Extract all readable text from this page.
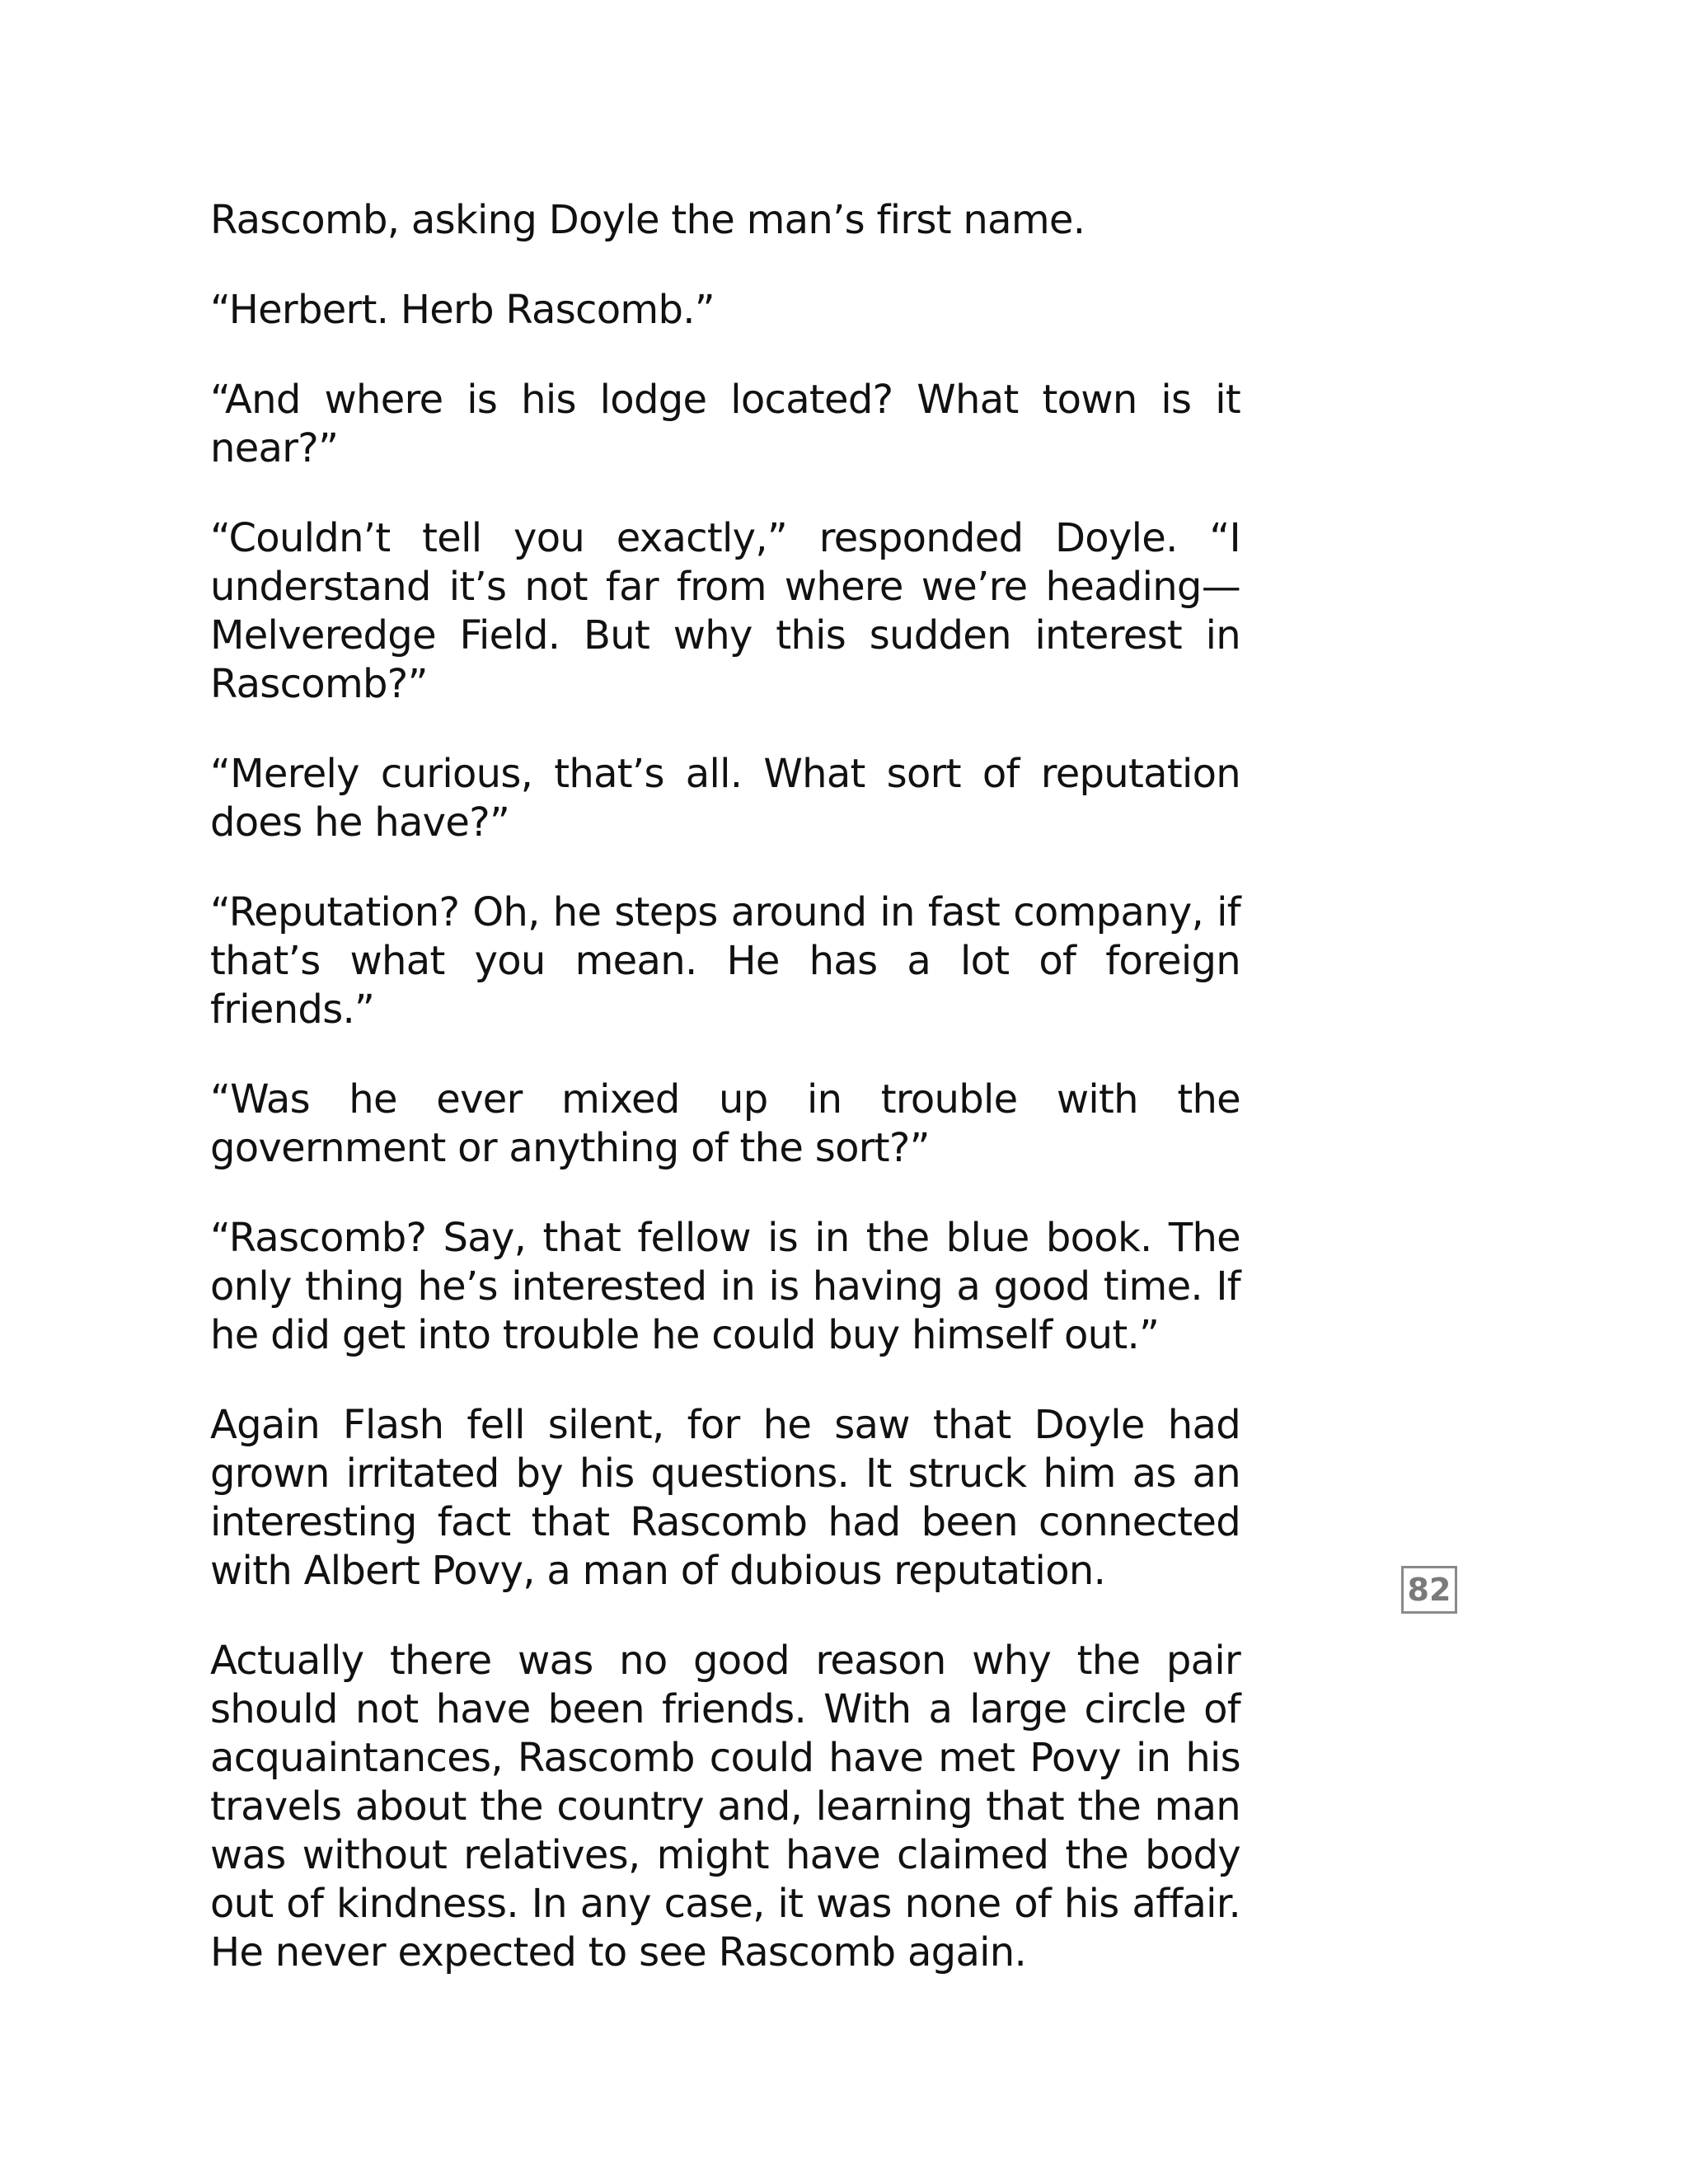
Rascomb, asking Doyle the man’s first name.

“Herbert. Herb Rascomb.”

“And where is his lodge located? What town is it near?”

“Couldn’t tell you exactly,” responded Doyle. “I understand it’s not far from where we’re heading—Melveredge Field. But why this sudden interest in Rascomb?”

“Merely curious, that’s all. What sort of reputation does he have?”

“Reputation? Oh, he steps around in fast company, if that’s what you mean. He has a lot of foreign friends.”

“Was he ever mixed up in trouble with the government or anything of the sort?”

“Rascomb? Say, that fellow is in the blue book. The only thing he’s interested in is having a good time. If he did get into trouble he could buy himself out.”

Again Flash fell silent, for he saw that Doyle had grown irritated by his questions. It struck him as an interesting fact that Rascomb had been connected with Albert Povy, a man of dubious reputation.

Actually there was no good reason why the pair should not have been friends. With a large circle of acquaintances, Rascomb could have met Povy in his travels about the country and, learning that the man was without relatives, might have claimed the body out of kindness. In any case, it was none of his affair. He never expected to see Rascomb again.

82
